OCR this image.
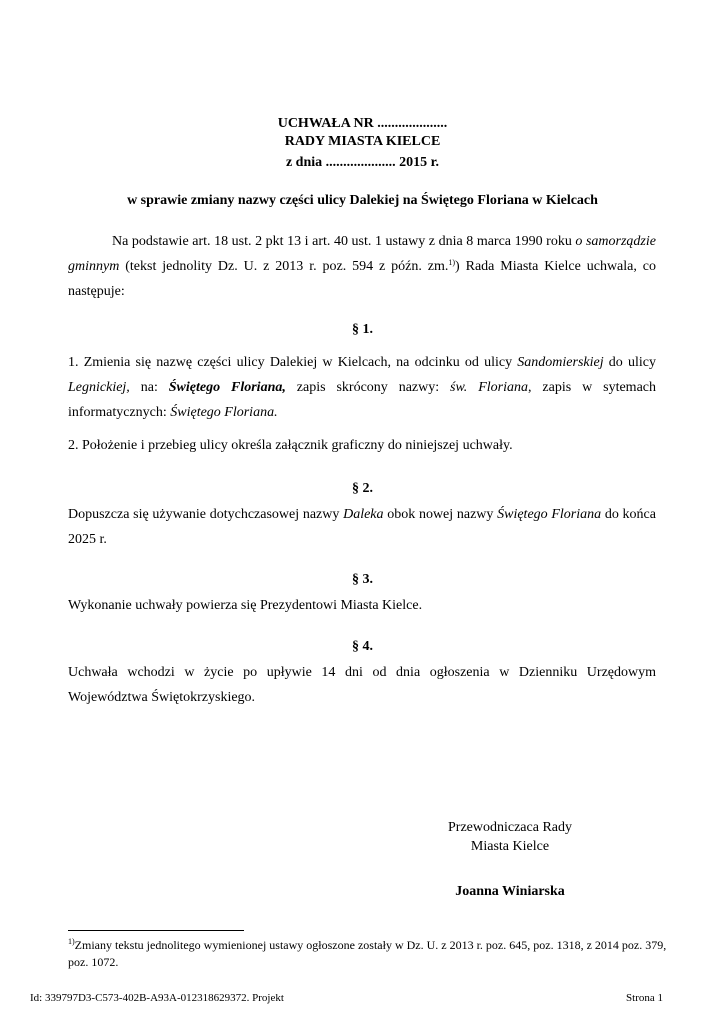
UCHWAŁA NR ....................
RADY MIASTA KIELCE
z dnia .................... 2015 r.
w sprawie zmiany nazwy części ulicy Dalekiej na Świętego Floriana w Kielcach
Na podstawie art. 18 ust. 2 pkt 13 i art. 40 ust. 1 ustawy z dnia 8 marca 1990 roku o samorządzie gminnym (tekst jednolity Dz. U. z 2013 r. poz. 594 z późn. zm.$^{1)}$) Rada Miasta Kielce uchwala, co następuje:
§ 1.
1. Zmienia się nazwę części ulicy Dalekiej w Kielcach, na odcinku od ulicy Sandomierskiej do ulicy Legnickiej, na: Świętego Floriana, zapis skrócony nazwy: św. Floriana, zapis w sytemach informatycznych: Świętego Floriana.
2. Położenie i przebieg ulicy określa załącznik graficzny do niniejszej uchwały.
§ 2.
Dopuszcza się używanie dotychczasowej nazwy Daleka obok nowej nazwy Świętego Floriana do końca 2025 r.
§ 3.
Wykonanie uchwały powierza się Prezydentowi Miasta Kielce.
§ 4.
Uchwała wchodzi w życie po upływie 14 dni od dnia ogłoszenia w Dzienniku Urzędowym Województwa Świętokrzyskiego.
Przewodniczaca Rady
Miasta Kielce
Joanna Winiarska
$^{1)}$Zmiany tekstu jednolitego wymienionej ustawy ogłoszone zostały w Dz. U. z 2013 r. poz. 645, poz. 1318, z 2014 poz. 379, poz. 1072.
Id: 339797D3-C573-402B-A93A-012318629372. Projekt	Strona 1
